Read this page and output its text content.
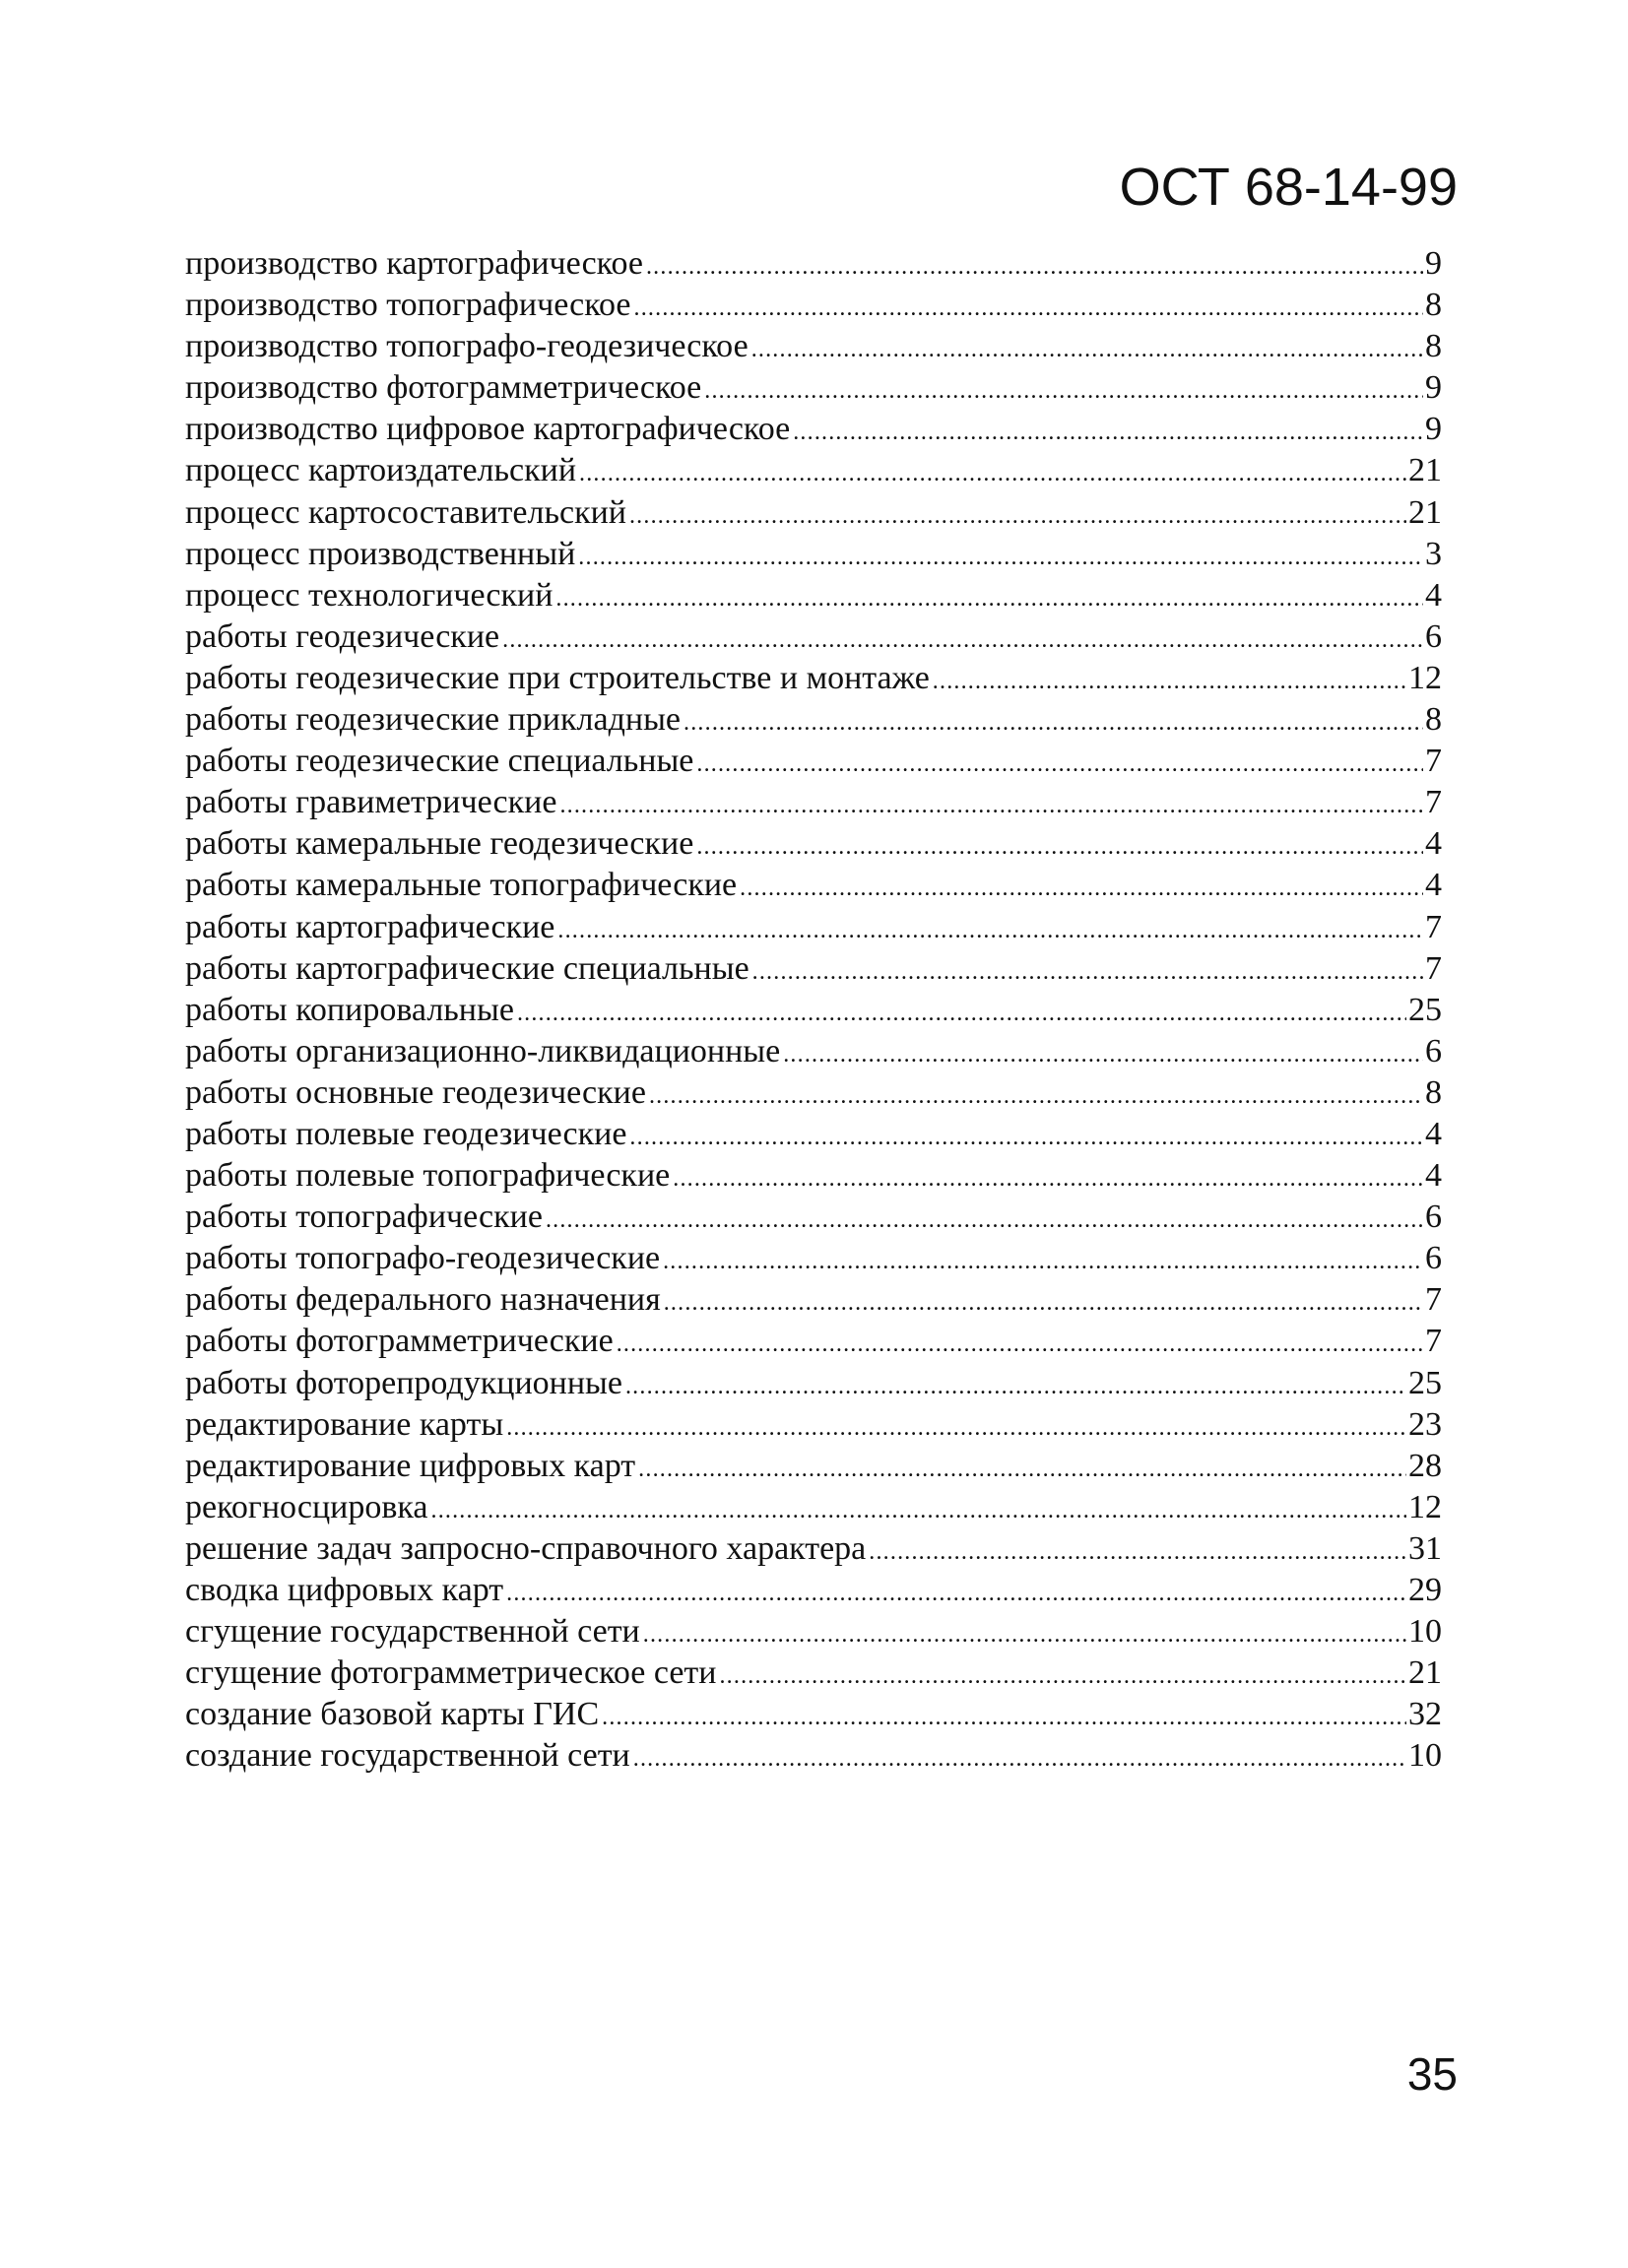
ОСТ 68-14-99
производство картографическое .....	9
производство топографическое .....	8
производство топографо-геодезическое .....	8
производство фотограмметрическое .....	9
производство цифровое картографическое .....	9
процесс картоиздательский .....	21
процесс картосоставительский .....	21
процесс производственный .....	3
процесс технологический .....	4
работы геодезические .....	6
работы геодезические при строительстве и монтаже .....	12
работы геодезические прикладные .....	8
работы геодезические специальные .....	7
работы гравиметрические .....	7
работы камеральные геодезические .....	4
работы камеральные топографические .....	4
работы картографические .....	7
работы картографические специальные .....	7
работы копировальные .....	25
работы организационно-ликвидационные .....	6
работы основные геодезические .....	8
работы полевые геодезические .....	4
работы полевые топографические .....	4
работы топографические .....	6
работы топографо-геодезические .....	6
работы федерального назначения .....	7
работы фотограмметрические .....	7
работы фоторепродукционные .....	25
редактирование карты .....	23
редактирование цифровых карт .....	28
рекогносцировка .....	12
решение задач запросно-справочного характера .....	31
сводка цифровых карт .....	29
сгущение государственной сети .....	10
сгущение фотограмметрическое сети .....	21
создание базовой карты ГИС .....	32
создание государственной сети .....	10
35
